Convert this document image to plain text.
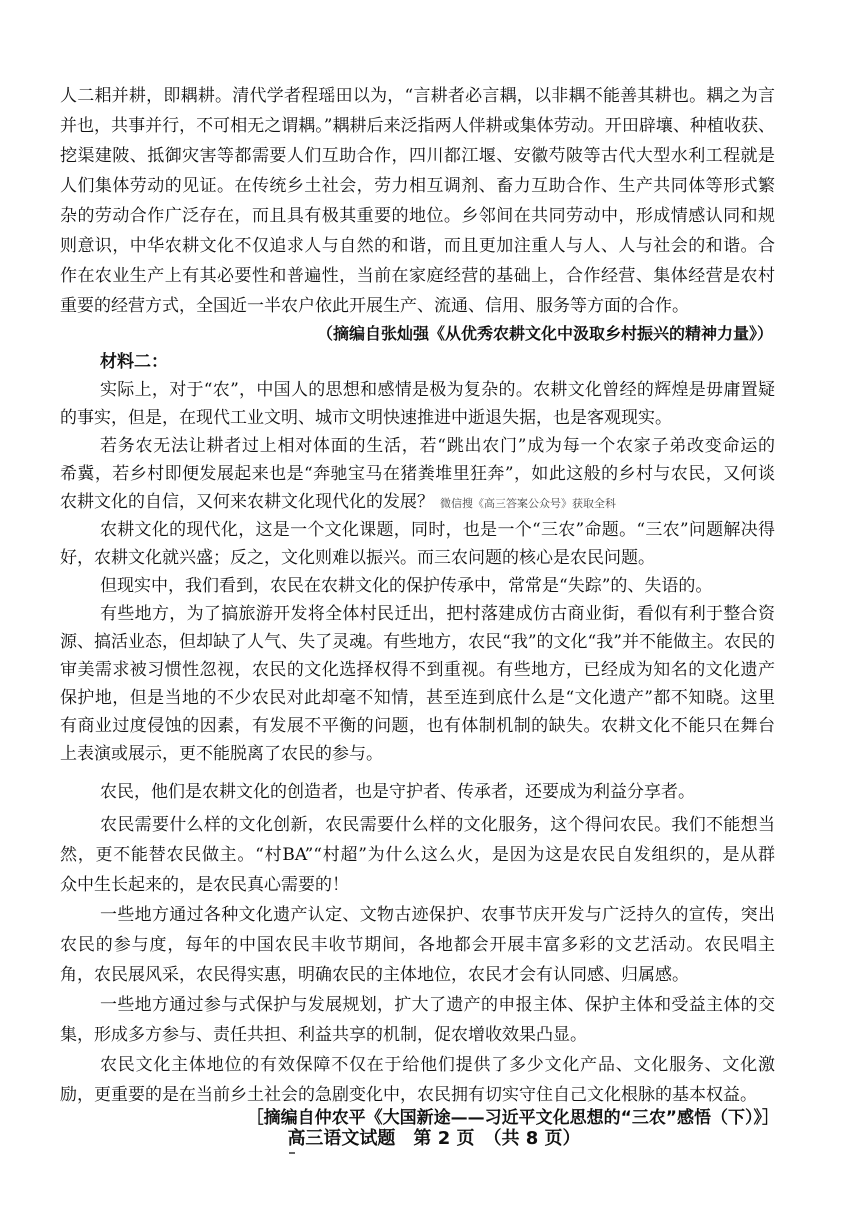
人二耜并耕，即耦耕。清代学者程瑶田以为，“言耕者必言耦，以非耦不能善其耕也。耦之为言
并也，共事并行，不可相无之谓耦。”耦耕后来泛指两人伴耕或集体劳动。开田辟壤、种植收获、
挖渠建陂、抵御灾害等都需要人们互助合作，四川都江堰、安徽芍陂等古代大型水利工程就是
人们集体劳动的见证。在传统乡土社会，劳力相互调剂、畜力互助合作、生产共同体等形式繁
杂的劳动合作广泛存在，而且具有极其重要的地位。乡邻间在共同劳动中，形成情感认同和规
则意识，中华农耕文化不仅追求人与自然的和谐，而且更加注重人与人、人与社会的和谐。合
作在农业生产上有其必要性和普遍性，当前在家庭经营的基础上，合作经营、集体经营是农村
重要的经营方式，全国近一半农户依此开展生产、流通、信用、服务等方面的合作。
（摘编自张灿强《从优秀农耕文化中汲取乡村振兴的精神力量》）
材料二：
实际上，对于“农”，中国人的思想和感情是极为复杂的。农耕文化曾经的辉煌是毋庸置疑
的事实，但是，在现代工业文明、城市文明快速推进中逝退失据，也是客观现实。
若务农无法让耕者过上相对体面的生活，若“跳出农门”成为每一个农家子弟改变命运的
希冀，若乡村即便发展起来也是“奔驰宝马在猪粪堆里狂奔”，如此这般的乡村与农民，又何谈
农耕文化的自信，又何来农耕文化现代化的发展？ 微信搜《高三答案公众号》获取全科
农耕文化的现代化，这是一个文化课题，同时，也是一个“三农”命题。“三农”问题解决得
好，农耕文化就兴盛；反之，文化则难以振兴。而三农问题的核心是农民问题。
但现实中，我们看到，农民在农耕文化的保护传承中，常常是“失踪”的、失语的。
有些地方，为了搞旅游开发将全体村民迁出，把村落建成仿古商业街，看似有利于整合资
源、搞活业态，但却缺了人气、失了灵魂。有些地方，农民“我”的文化“我”并不能做主。农民的
审美需求被习惯性忽视，农民的文化选择权得不到重视。有些地方，已经成为知名的文化遗产
保护地，但是当地的不少农民对此却毫不知情，甚至连到底什么是“文化遗产”都不知晓。这里
有商业过度侵蚀的因素，有发展不平衡的问题，也有体制机制的缺失。农耕文化不能只在舞台
上表演或展示，更不能脱离了农民的参与。
农民，他们是农耕文化的创造者，也是守护者、传承者，还要成为利益分享者。
农民需要什么样的文化创新，农民需要什么样的文化服务，这个得问农民。我们不能想当
然，更不能替农民做主。“村BA”“村超”为什么这么火，是因为这是农民自发组织的，是从群
众中生长起来的，是农民真心需要的！
一些地方通过各种文化遗产认定、文物古迹保护、农事节庆开发与广泛持久的宣传，突出
农民的参与度，每年的中国农民丰收节期间，各地都会开展丰富多彩的文艺活动。农民唱主
角，农民展风采，农民得实惠，明确农民的主体地位，农民才会有认同感、归属感。
一些地方通过参与式保护与发展规划，扩大了遗产的申报主体、保护主体和受益主体的交
集，形成多方参与、责任共担、利益共享的机制，促农增收效果凸显。
农民文化主体地位的有效保障不仅在于给他们提供了多少文化产品、文化服务、文化激
励，更重要的是在当前乡土社会的急剧变化中，农民拥有切实守住自己文化根脉的基本权益。
［摘编自仲农平《大国新途——习近平文化思想的“三农”感悟（下）》］
高三语文试题　第 2 页　（共 8 页）
